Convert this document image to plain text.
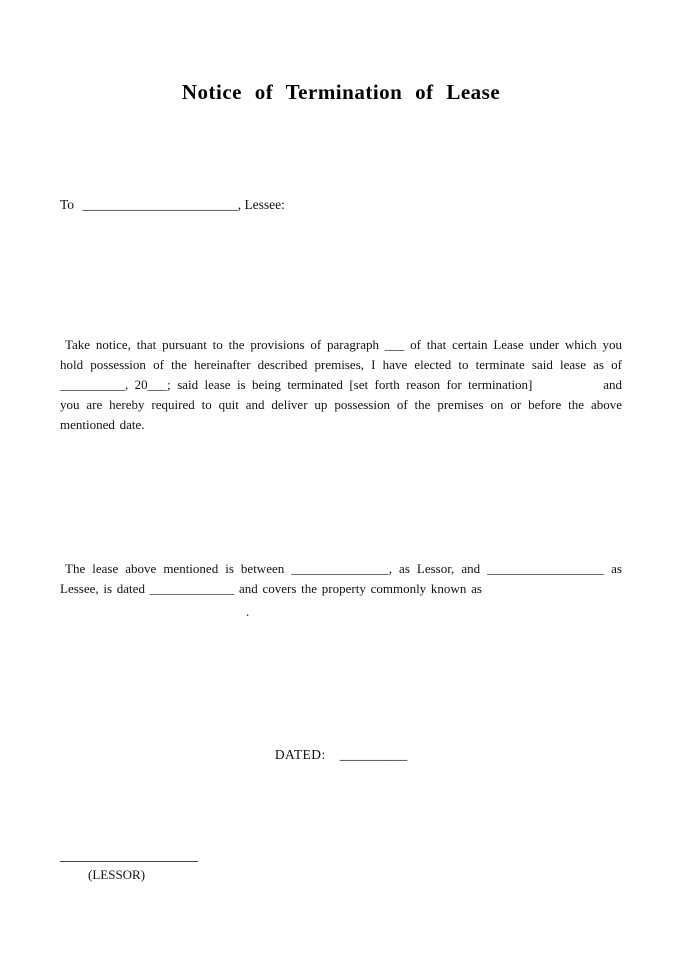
Notice of Termination of Lease
To _______________________, Lessee:

Take notice, that pursuant to the provisions of paragraph ___ of that certain Lease under which you hold possession of the hereinafter described premises, I have elected to terminate said lease as of __________, 20___; said lease is being terminated [set forth reason for termination]	and you are hereby required to quit and deliver up possession of the premises on or before the above mentioned date.

The lease above mentioned is between _______________, as Lessor, and __________________ as Lessee, is dated _____________ and covers the property commonly known as

.
DATED: __________
(LESSOR)
